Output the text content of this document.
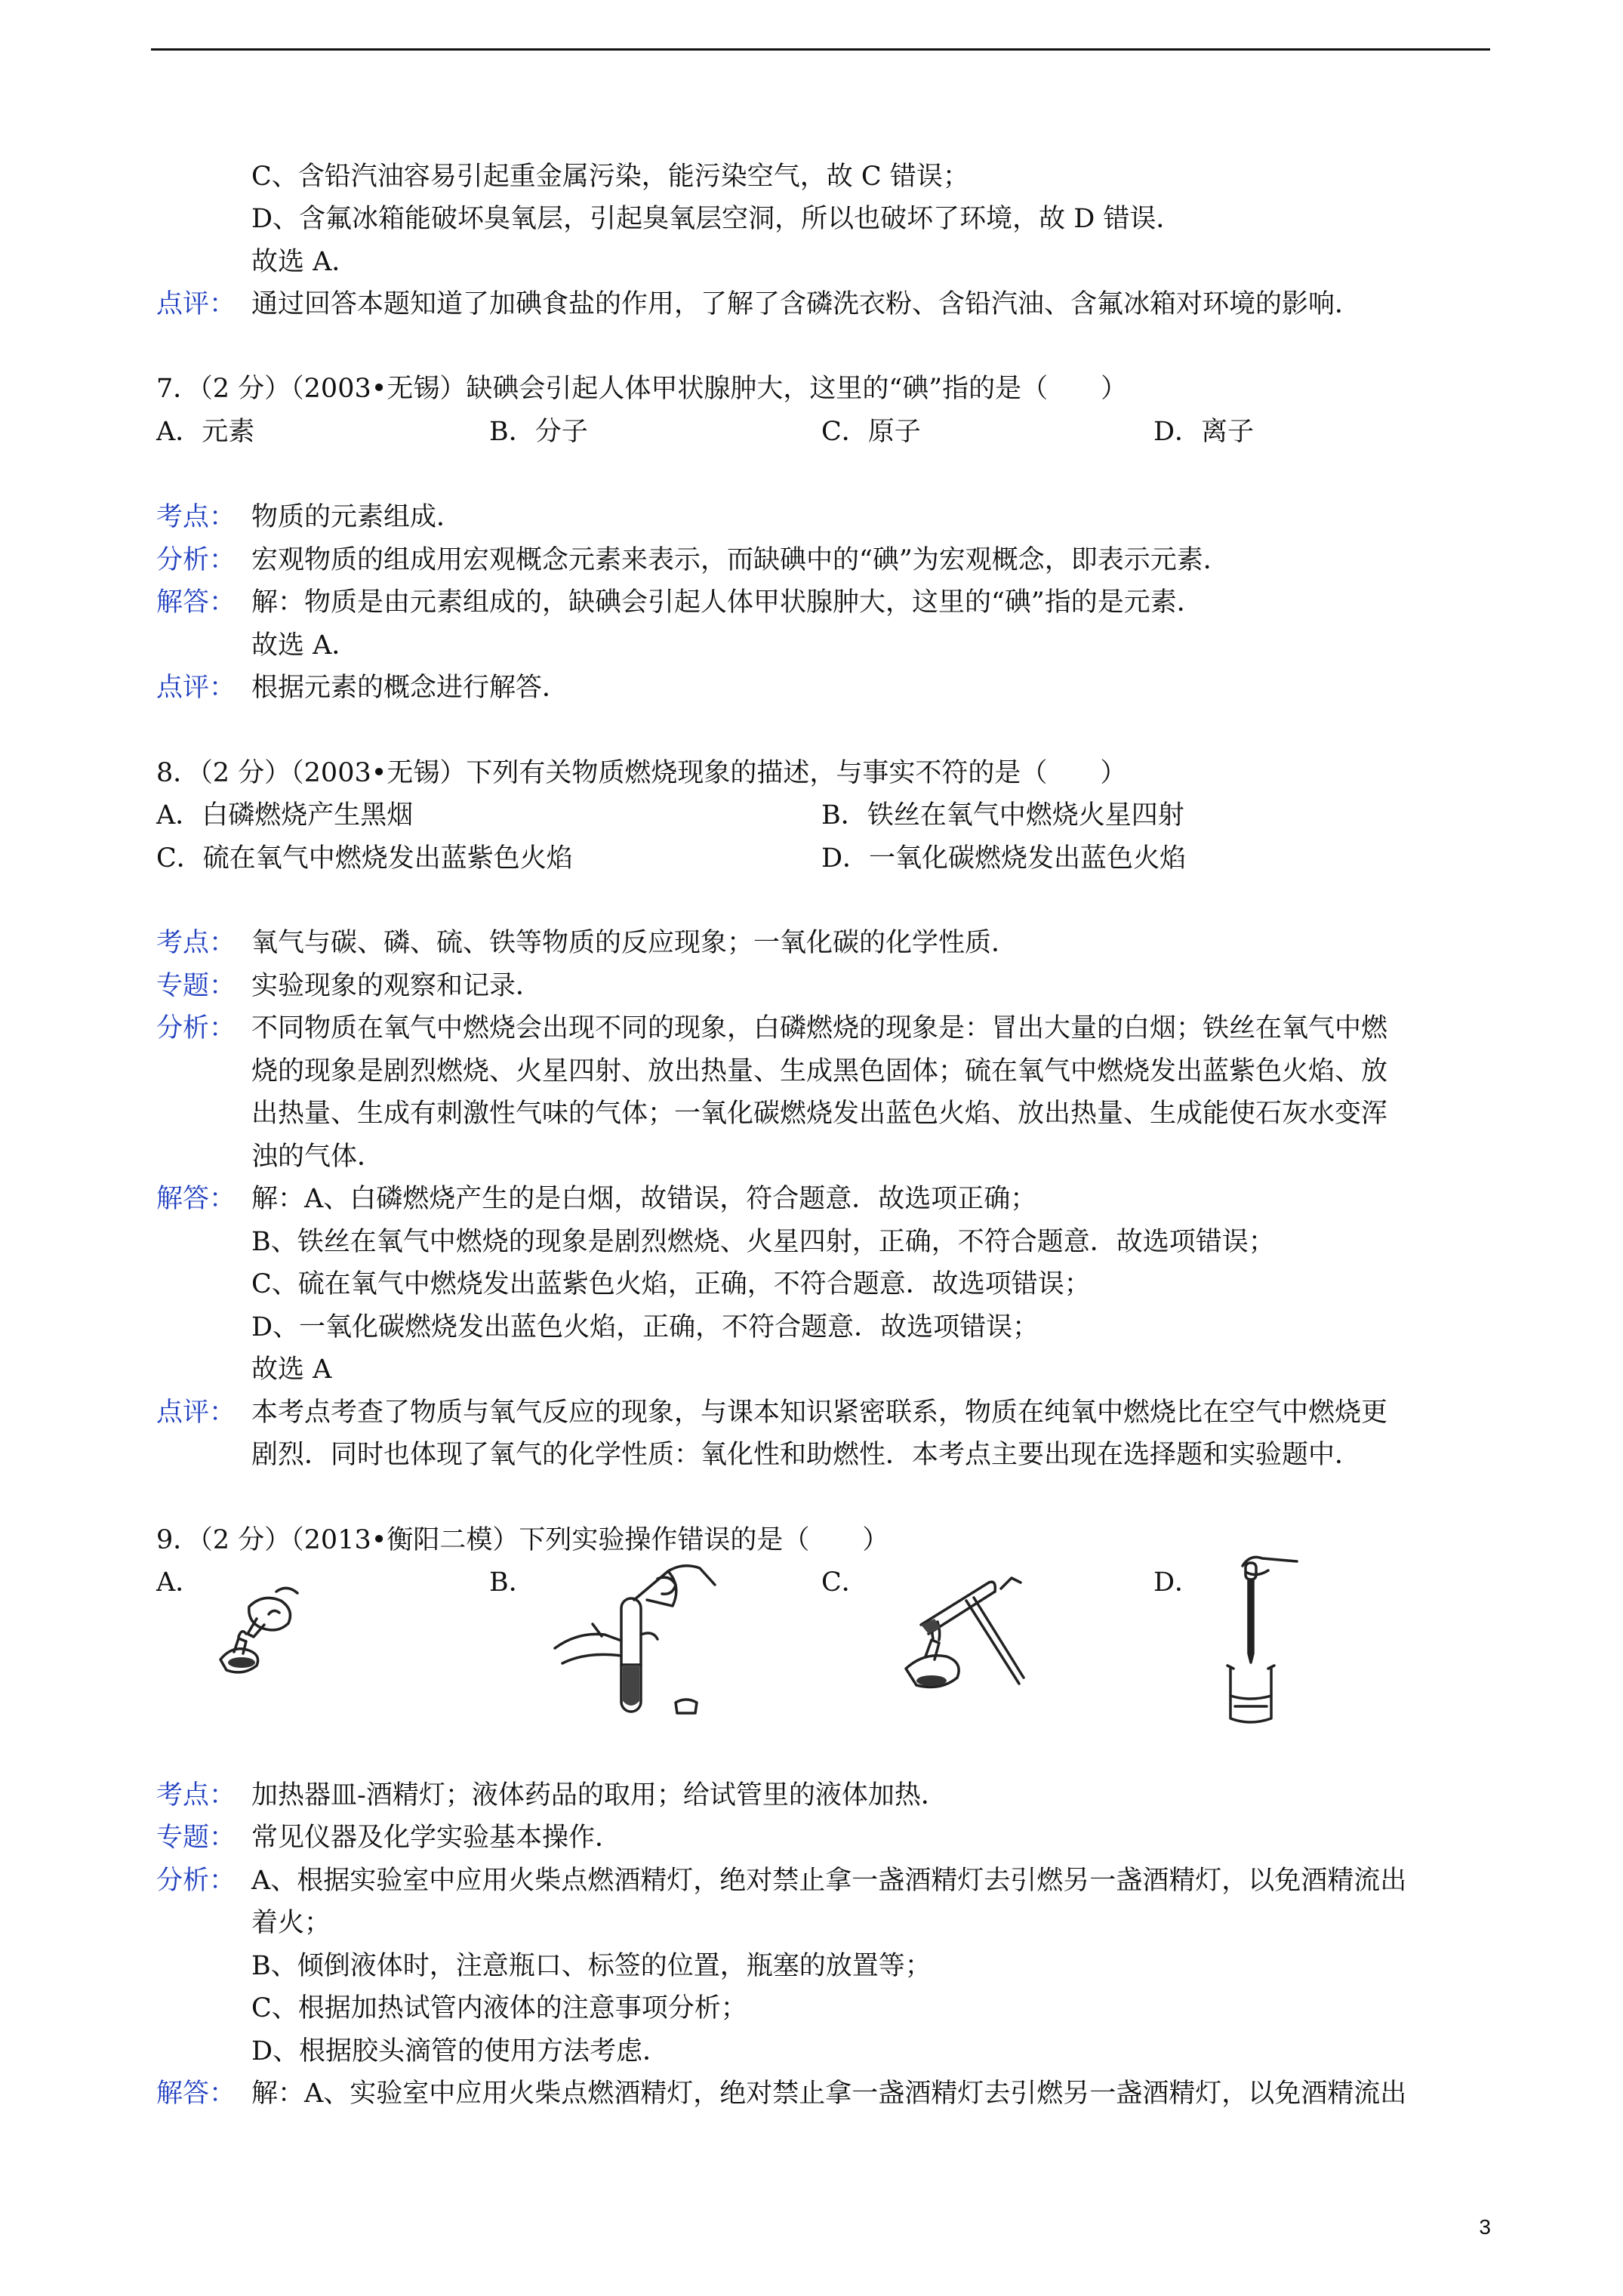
C、含铅汽油容易引起重金属污染，能污染空气，故 C 错误；
D、含氟冰箱能破坏臭氧层，引起臭氧层空洞，所以也破坏了环境，故 D 错误．
故选 A．
点评： 通过回答本题知道了加碘食盐的作用，了解了含磷洗衣粉、含铅汽油、含氟冰箱对环境的影响．
7．（2 分）（2003•无锡）缺碘会引起人体甲状腺肿大，这里的“碘”指的是（　　）
A．元素	B．分子	C．原子	D．离子
考点： 物质的元素组成．
分析： 宏观物质的组成用宏观概念元素来表示，而缺碘中的“碘”为宏观概念，即表示元素．
解答： 解：物质是由元素组成的，缺碘会引起人体甲状腺肿大，这里的“碘”指的是元素．
故选 A．
点评： 根据元素的概念进行解答．
8．（2 分）（2003•无锡）下列有关物质燃烧现象的描述，与事实不符的是（　　）
A．白磷燃烧产生黑烟	B．铁丝在氧气中燃烧火星四射
C．硫在氧气中燃烧发出蓝紫色火焰	D．一氧化碳燃烧发出蓝色火焰
考点： 氧气与碳、磷、硫、铁等物质的反应现象；一氧化碳的化学性质．
专题： 实验现象的观察和记录．
分析： 不同物质在氧气中燃烧会出现不同的现象，白磷燃烧的现象是：冒出大量的白烟；铁丝在氧气中燃
烧的现象是剧烈燃烧、火星四射、放出热量、生成黑色固体；硫在氧气中燃烧发出蓝紫色火焰、放
出热量、生成有刺激性气味的气体；一氧化碳燃烧发出蓝色火焰、放出热量、生成能使石灰水变浑
浊的气体．
解答： 解：A、白磷燃烧产生的是白烟，故错误，符合题意．故选项正确；
B、铁丝在氧气中燃烧的现象是剧烈燃烧、火星四射，正确，不符合题意．故选项错误；
C、硫在氧气中燃烧发出蓝紫色火焰，正确，不符合题意．故选项错误；
D、一氧化碳燃烧发出蓝色火焰，正确，不符合题意．故选项错误；
故选 A
点评： 本考点考查了物质与氧气反应的现象，与课本知识紧密联系，物质在纯氧中燃烧比在空气中燃烧更
剧烈．同时也体现了氧气的化学性质：氧化性和助燃性．本考点主要出现在选择题和实验题中．
9．（2 分）（2013•衡阳二模）下列实验操作错误的是（　　）
A．	B．	C．	D．
考点： 加热器皿-酒精灯；液体药品的取用；给试管里的液体加热．
专题： 常见仪器及化学实验基本操作．
分析： A、根据实验室中应用火柴点燃酒精灯，绝对禁止拿一盏酒精灯去引燃另一盏酒精灯，以免酒精流出
着火；
B、倾倒液体时，注意瓶口、标签的位置，瓶塞的放置等；
C、根据加热试管内液体的注意事项分析；
D、根据胶头滴管的使用方法考虑．
解答： 解：A、实验室中应用火柴点燃酒精灯，绝对禁止拿一盏酒精灯去引燃另一盏酒精灯，以免酒精流出
3
